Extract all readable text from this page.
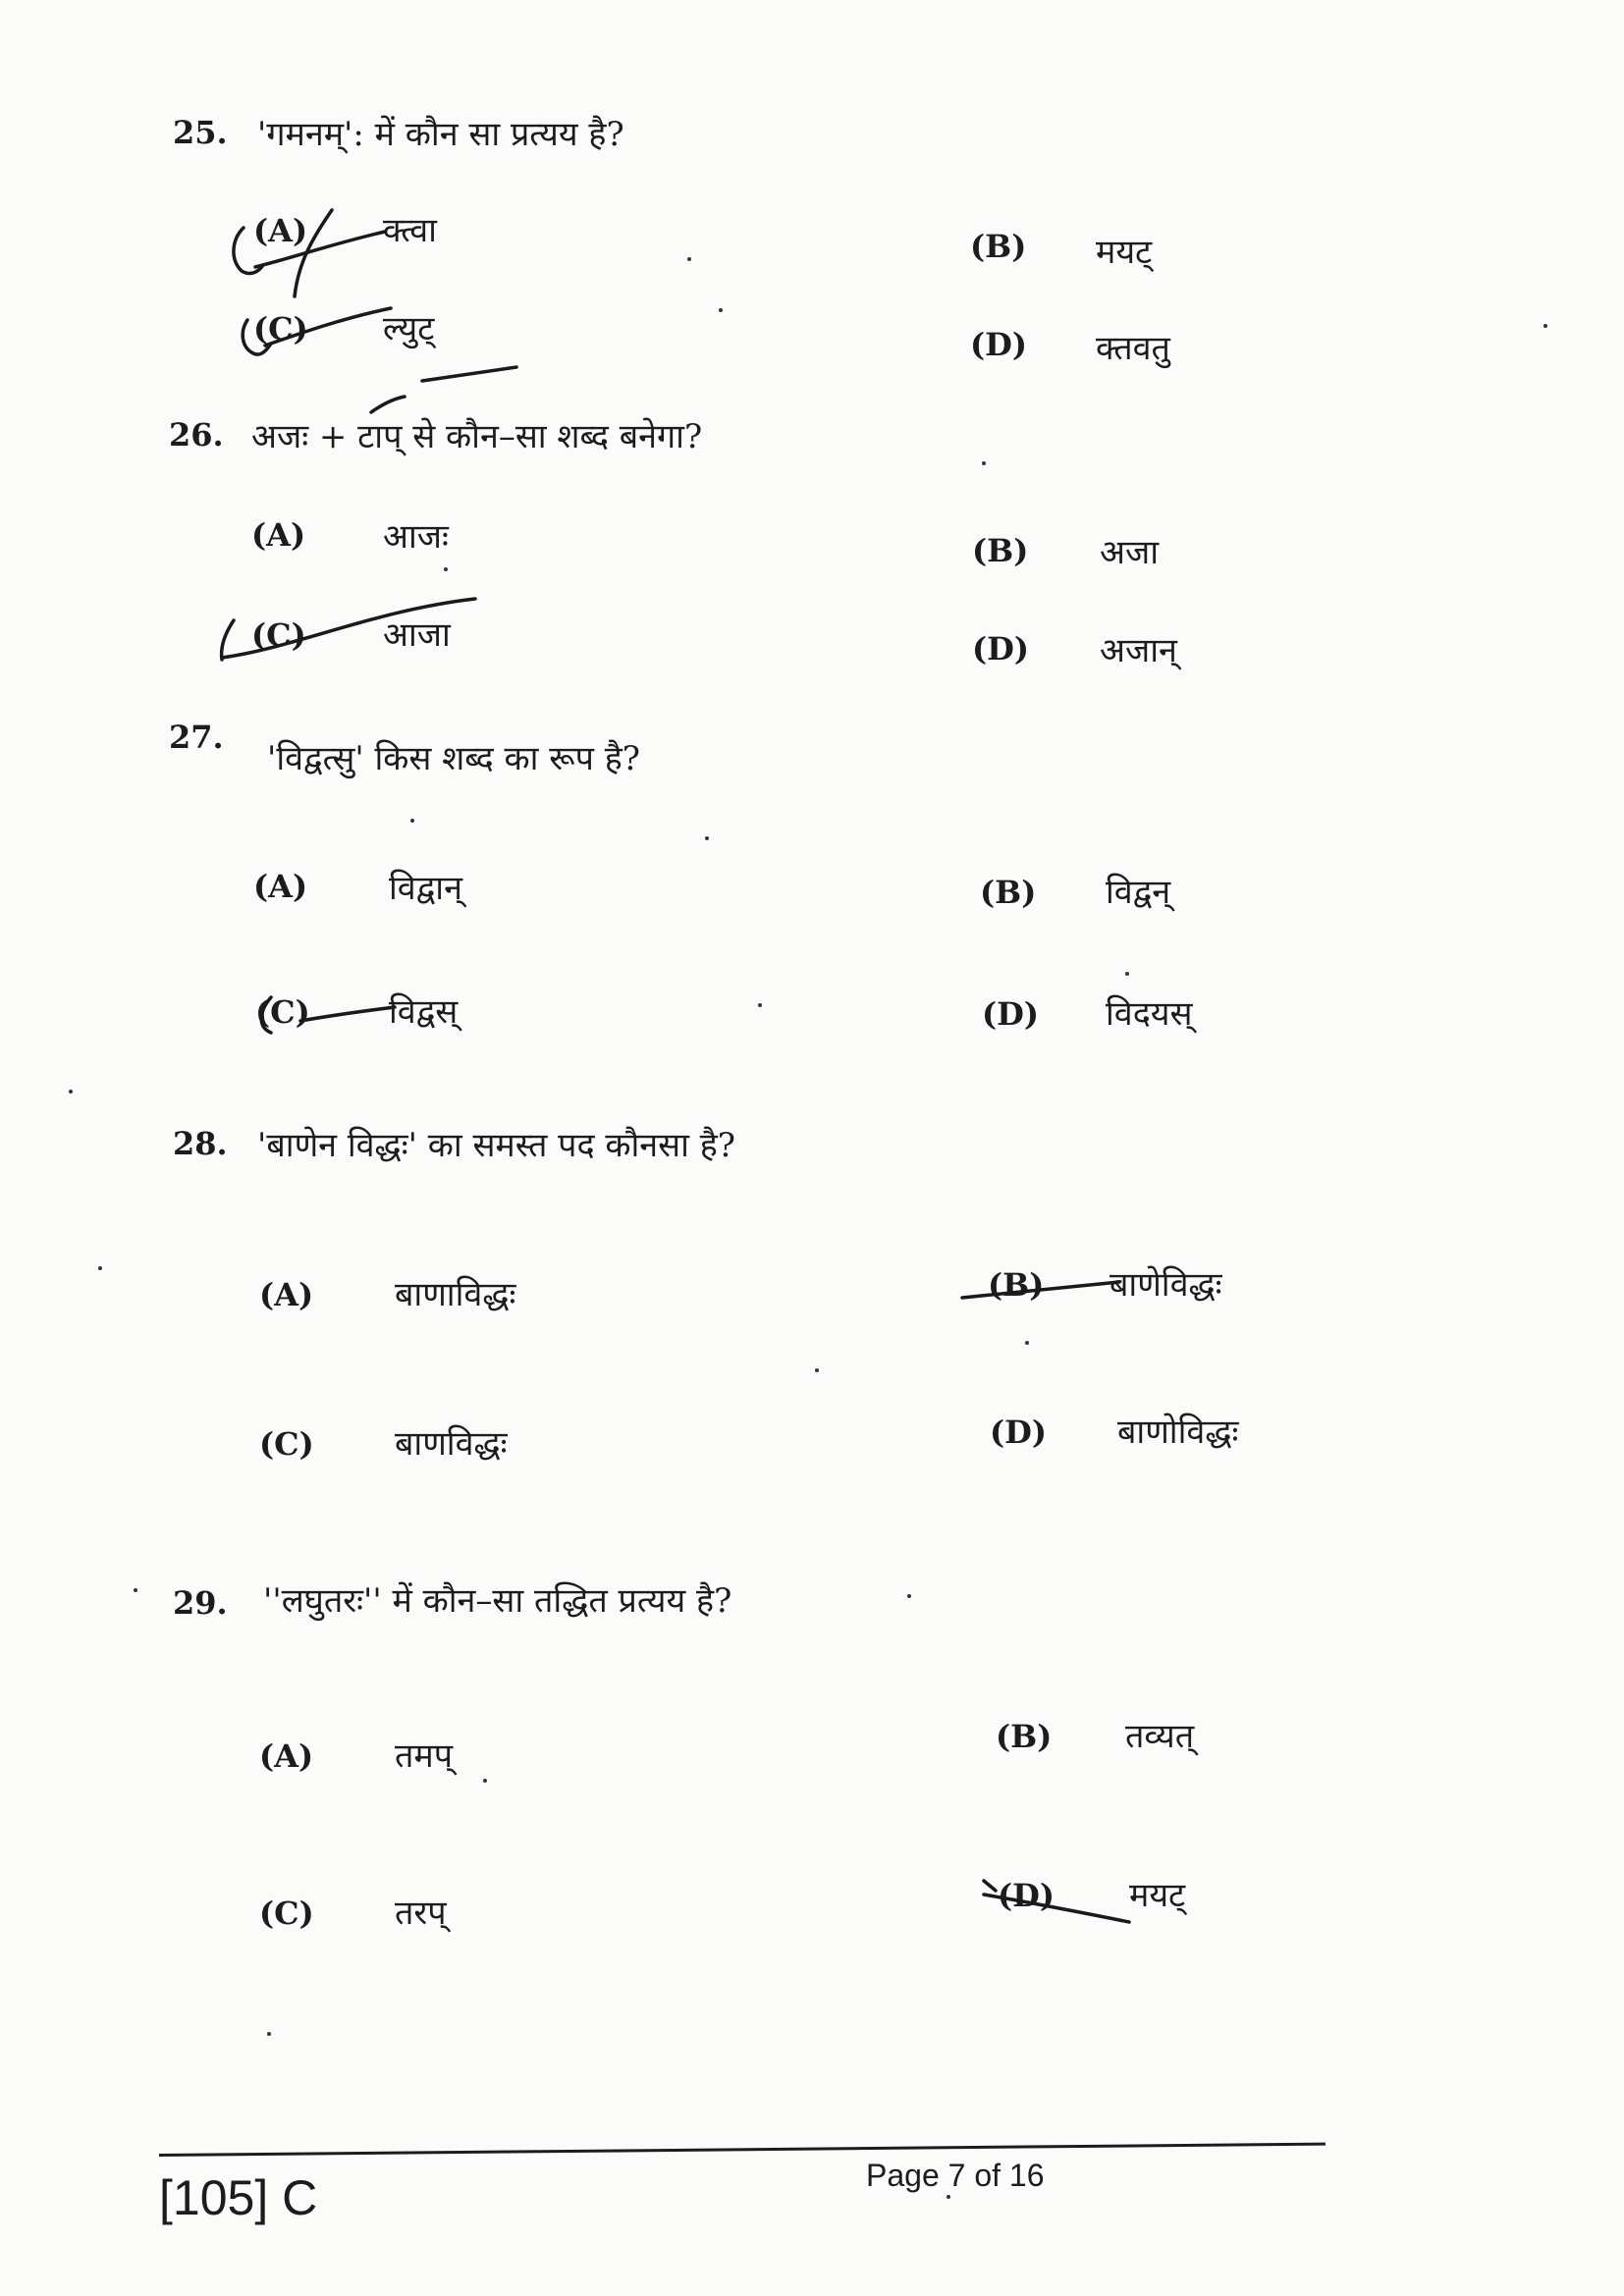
25. 'गमनम्': में कौन सा प्रत्यय है?
(A) क्त्वा	(B) मयट्
(C) ल्युट्	(D) क्तवतु
26. अजः + टाप् से कौन–सा शब्द बनेगा?
(A) आजः	(B) अजा
(C) आजा	(D) अजान्
27.
'विद्वत्सु' किस शब्द का रूप है?
(A) विद्वान्	(B) विद्वन्
(C) विद्वस्	(D) विदयस्
28. 'बाणेन विद्धः' का समस्त पद कौनसा है?
(A) बाणाविद्धः	(B) बाणेविद्धः
(C) बाणविद्धः	(D) बाणोविद्धः
29. ''लघुतरः'' में कौन–सा तद्धित प्रत्यय है?
(A) तमप्	(B) तव्यत्
(C) तरप्	(D) मयट्
[105] C	Page 7 of 16
